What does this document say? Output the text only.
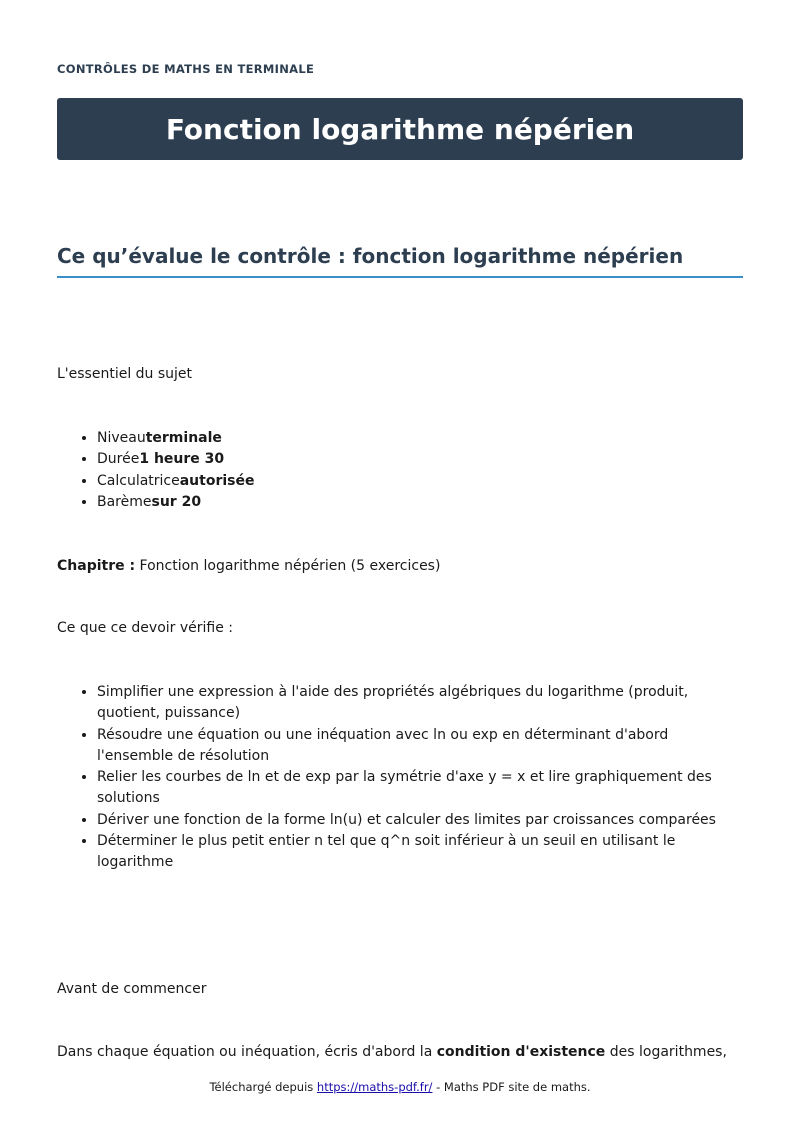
CONTRÔLES DE MATHS EN TERMINALE
Fonction logarithme népérien
Ce qu’évalue le contrôle : fonction logarithme népérien

L'essentiel du sujet

• Niveauterminale
• Durée1 heure 30
• Calculatriceautorisée
• Barèmesur 20

Chapitre : Fonction logarithme népérien (5 exercices)

Ce que ce devoir vérifie :

• Simplifier une expression à l'aide des propriétés algébriques du logarithme (produit, quotient, puissance)
• Résoudre une équation ou une inéquation avec ln ou exp en déterminant d'abord l'ensemble de résolution
• Relier les courbes de ln et de exp par la symétrie d'axe y = x et lire graphiquement des solutions
• Dériver une fonction de la forme ln(u) et calculer des limites par croissances comparées
• Déterminer le plus petit entier n tel que q^n soit inférieur à un seuil en utilisant le logarithme

Avant de commencer

Dans chaque équation ou inéquation, écris d'abord la condition d'existence des logarithmes,

Téléchargé depuis https://maths-pdf.fr/ - Maths PDF site de maths.
